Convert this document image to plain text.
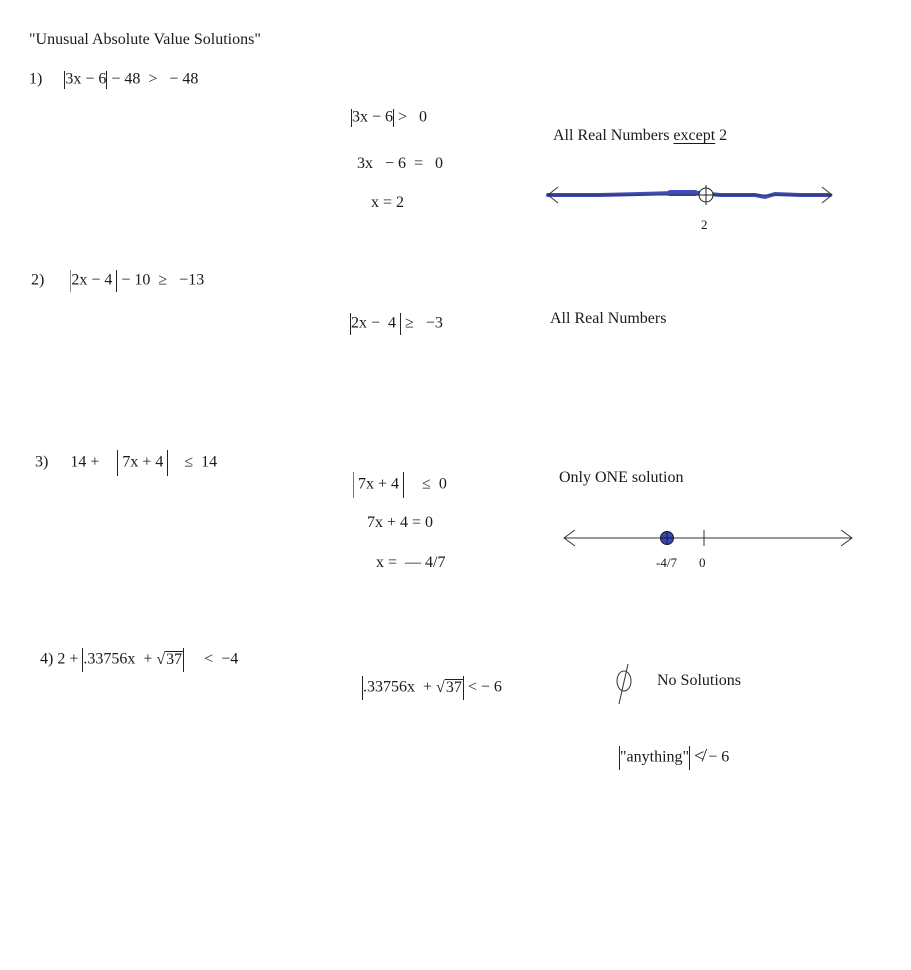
"Unusual Absolute Value Solutions"
1) 3x − 6 − 48  >   − 48
3x − 6 >   0
3x   − 6  =   0
x = 2
All Real Numbers except 2
2
2) 2x − 4 − 10  ≥   −13
2x −  4 ≥   −3	All Real Numbers
3) 14 + 7x + 4 ≤  14
7x + 4 ≤  0
7x + 4 = 0
x =  — 4/7
Only ONE solution
-4/7 0
4) 2 + .33756x  + √37 <  −4
.33756x  + √37 < − 6	No Solutions
"anything" ≮ − 6
